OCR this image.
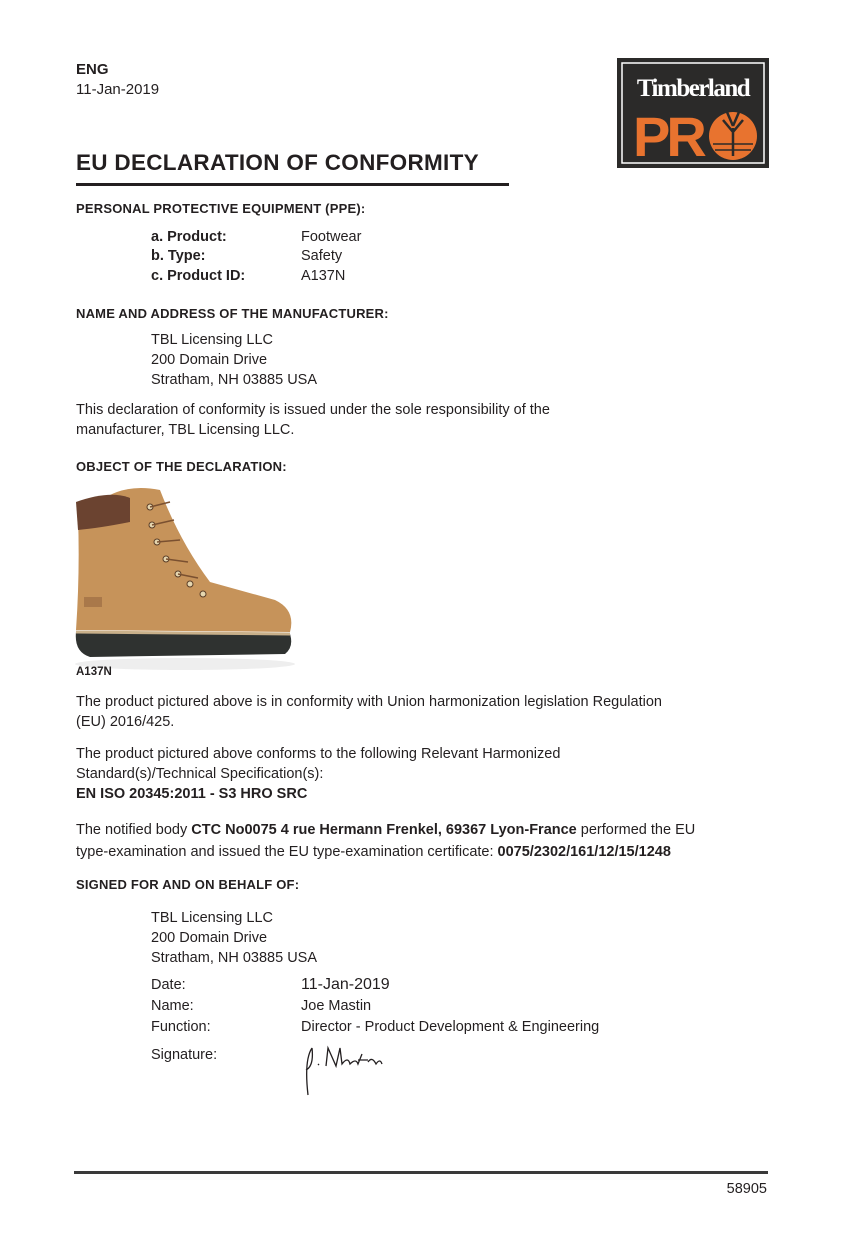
ENG
11-Jan-2019	Timberland
PR
EU DECLARATION OF CONFORMITY
PERSONAL PROTECTIVE EQUIPMENT (PPE):
a. Product:	Footwear
b. Type:	Safety
c. Product ID:	A137N
NAME AND ADDRESS OF THE MANUFACTURER:
TBL Licensing LLC
200 Domain Drive
Stratham, NH 03885 USA
This declaration of conformity is issued under the sole responsibility of the
manufacturer, TBL Licensing LLC.
OBJECT OF THE DECLARATION:
A137N
The product pictured above is in conformity with Union harmonization legislation Regulation
(EU) 2016/425.
The product pictured above conforms to the following Relevant Harmonized
Standard(s)/Technical Specification(s):
EN ISO 20345:2011 - S3 HRO SRC
The notified body CTC No0075 4 rue Hermann Frenkel, 69367 Lyon-France performed the EU
type-examination and issued the EU type-examination certificate: 0075/2302/161/12/15/1248
SIGNED FOR AND ON BEHALF OF:
TBL Licensing LLC
200 Domain Drive
Stratham, NH 03885 USA
Date:	11-Jan-2019
Name:	Joe Mastin
Function:	Director - Product Development & Engineering
Signature:
58905
